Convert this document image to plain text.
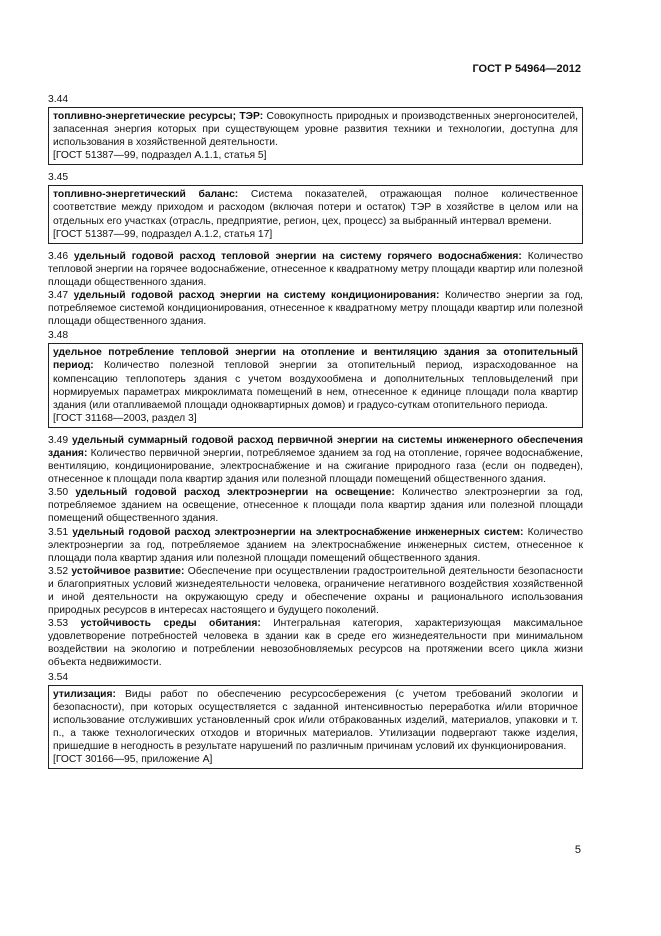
ГОСТ Р 54964—2012
3.44

топливно-энергетические ресурсы; ТЭР: Совокупность природных и производственных энергоносителей, запасенная энергия которых при существующем уровне развития техники и технологии, доступна для использования в хозяйственной деятельности.

[ГОСТ 51387—99, подраздел А.1.1, статья 5]

3.45

топливно-энергетический баланс: Система показателей, отражающая полное количественное соответствие между приходом и расходом (включая потери и остаток) ТЭР в хозяйстве в целом или на отдельных его участках (отрасль, предприятие, регион, цех, процесс) за выбранный интервал времени.

[ГОСТ 51387—99, подраздел А.1.2, статья 17]

3.46 удельный годовой расход тепловой энергии на систему горячего водоснабжения: Количество тепловой энергии на горячее водоснабжение, отнесенное к квадратному метру площади квартир или полезной площади общественного здания.
3.47 удельный годовой расход энергии на систему кондиционирования: Количество энергии за год, потребляемое системой кондиционирования, отнесенное к квадратному метру площади квартир или полезной площади общественного здания.
3.48

удельное потребление тепловой энергии на отопление и вентиляцию здания за отопительный период: Количество полезной тепловой энергии за отопительный период, израсходованное на компенсацию теплопотерь здания с учетом воздухообмена и дополнительных тепловыделений при нормируемых параметрах микроклимата помещений в нем, отнесенное к единице площади пола квартир здания (или отапливаемой площади одноквартирных домов) и градусо-суткам отопительного периода.

[ГОСТ 31168—2003, раздел 3]

3.49 удельный суммарный годовой расход первичной энергии на системы инженерного обеспечения здания: Количество первичной энергии, потребляемое зданием за год на отопление, горячее водоснабжение, вентиляцию, кондиционирование, электроснабжение и на сжигание природного газа (если он подведен), отнесенное к площади пола квартир здания или полезной площади помещений общественного здания.
3.50 удельный годовой расход электроэнергии на освещение: Количество электроэнергии за год, потребляемое зданием на освещение, отнесенное к площади пола квартир здания или полезной площади помещений общественного здания.
3.51 удельный годовой расход электроэнергии на электроснабжение инженерных систем: Количество электроэнергии за год, потребляемое зданием на электроснабжение инженерных систем, отнесенное к площади пола квартир здания или полезной площади помещений общественного здания.
3.52 устойчивое развитие: Обеспечение при осуществлении градостроительной деятельности безопасности и благоприятных условий жизнедеятельности человека, ограничение негативного воздействия хозяйственной и иной деятельности на окружающую среду и обеспечение охраны и рационального использования природных ресурсов в интересах настоящего и будущего поколений.
3.53 устойчивость среды обитания: Интегральная категория, характеризующая максимальное удовлетворение потребностей человека в здании как в среде его жизнедеятельности при минимальном воздействии на экологию и потреблении невозобновляемых ресурсов на протяжении всего цикла жизни объекта недвижимости.
3.54

утилизация: Виды работ по обеспечению ресурсосбережения (с учетом требований экологии и безопасности), при которых осуществляется с заданной интенсивностью переработка и/или вторичное использование отслуживших установленный срок и/или отбракованных изделий, материалов, упаковки и т. п., а также технологических отходов и вторичных материалов. Утилизации подвергают также изделия, пришедшие в негодность в результате нарушений по различным причинам условий их функционирования.

[ГОСТ 30166—95, приложение А]

5
